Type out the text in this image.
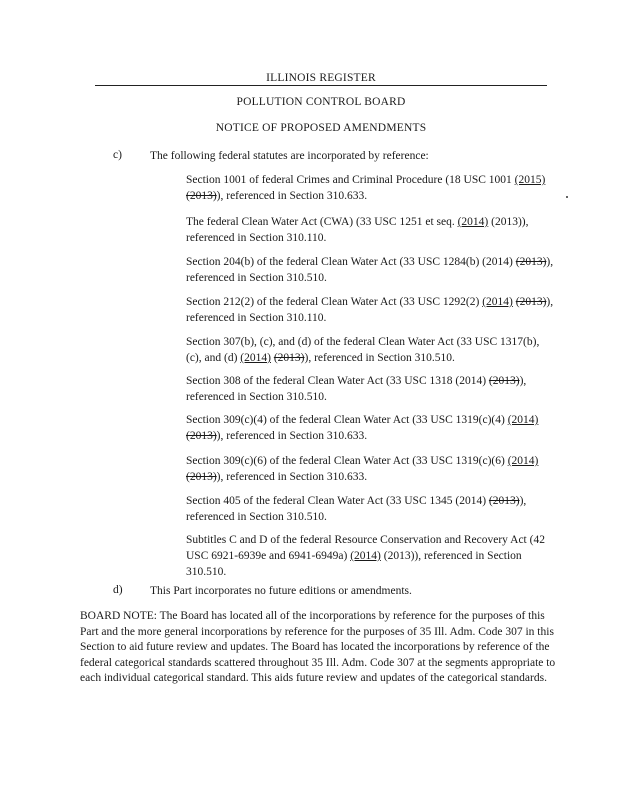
ILLINOIS REGISTER
POLLUTION CONTROL BOARD
NOTICE OF PROPOSED AMENDMENTS
c) The following federal statutes are incorporated by reference:
Section 1001 of federal Crimes and Criminal Procedure (18 USC 1001 (2015) (2013)), referenced in Section 310.633.
The federal Clean Water Act (CWA) (33 USC 1251 et seq. (2014) (2013)), referenced in Section 310.110.
Section 204(b) of the federal Clean Water Act (33 USC 1284(b) (2014) (2013)), referenced in Section 310.510.
Section 212(2) of the federal Clean Water Act (33 USC 1292(2) (2014) (2013)), referenced in Section 310.110.
Section 307(b), (c), and (d) of the federal Clean Water Act (33 USC 1317(b), (c), and (d) (2014) (2013)), referenced in Section 310.510.
Section 308 of the federal Clean Water Act (33 USC 1318 (2014) (2013)), referenced in Section 310.510.
Section 309(c)(4) of the federal Clean Water Act (33 USC 1319(c)(4) (2014) (2013)), referenced in Section 310.633.
Section 309(c)(6) of the federal Clean Water Act (33 USC 1319(c)(6) (2014) (2013)), referenced in Section 310.633.
Section 405 of the federal Clean Water Act (33 USC 1345 (2014) (2013)), referenced in Section 310.510.
Subtitles C and D of the federal Resource Conservation and Recovery Act (42 USC 6921-6939e and 6941-6949a) (2014) (2013)), referenced in Section 310.510.
d) This Part incorporates no future editions or amendments.
BOARD NOTE: The Board has located all of the incorporations by reference for the purposes of this Part and the more general incorporations by reference for the purposes of 35 Ill. Adm. Code 307 in this Section to aid future review and updates. The Board has located the incorporations by reference of the federal categorical standards scattered throughout 35 Ill. Adm. Code 307 at the segments appropriate to each individual categorical standard. This aids future review and updates of the categorical standards.
